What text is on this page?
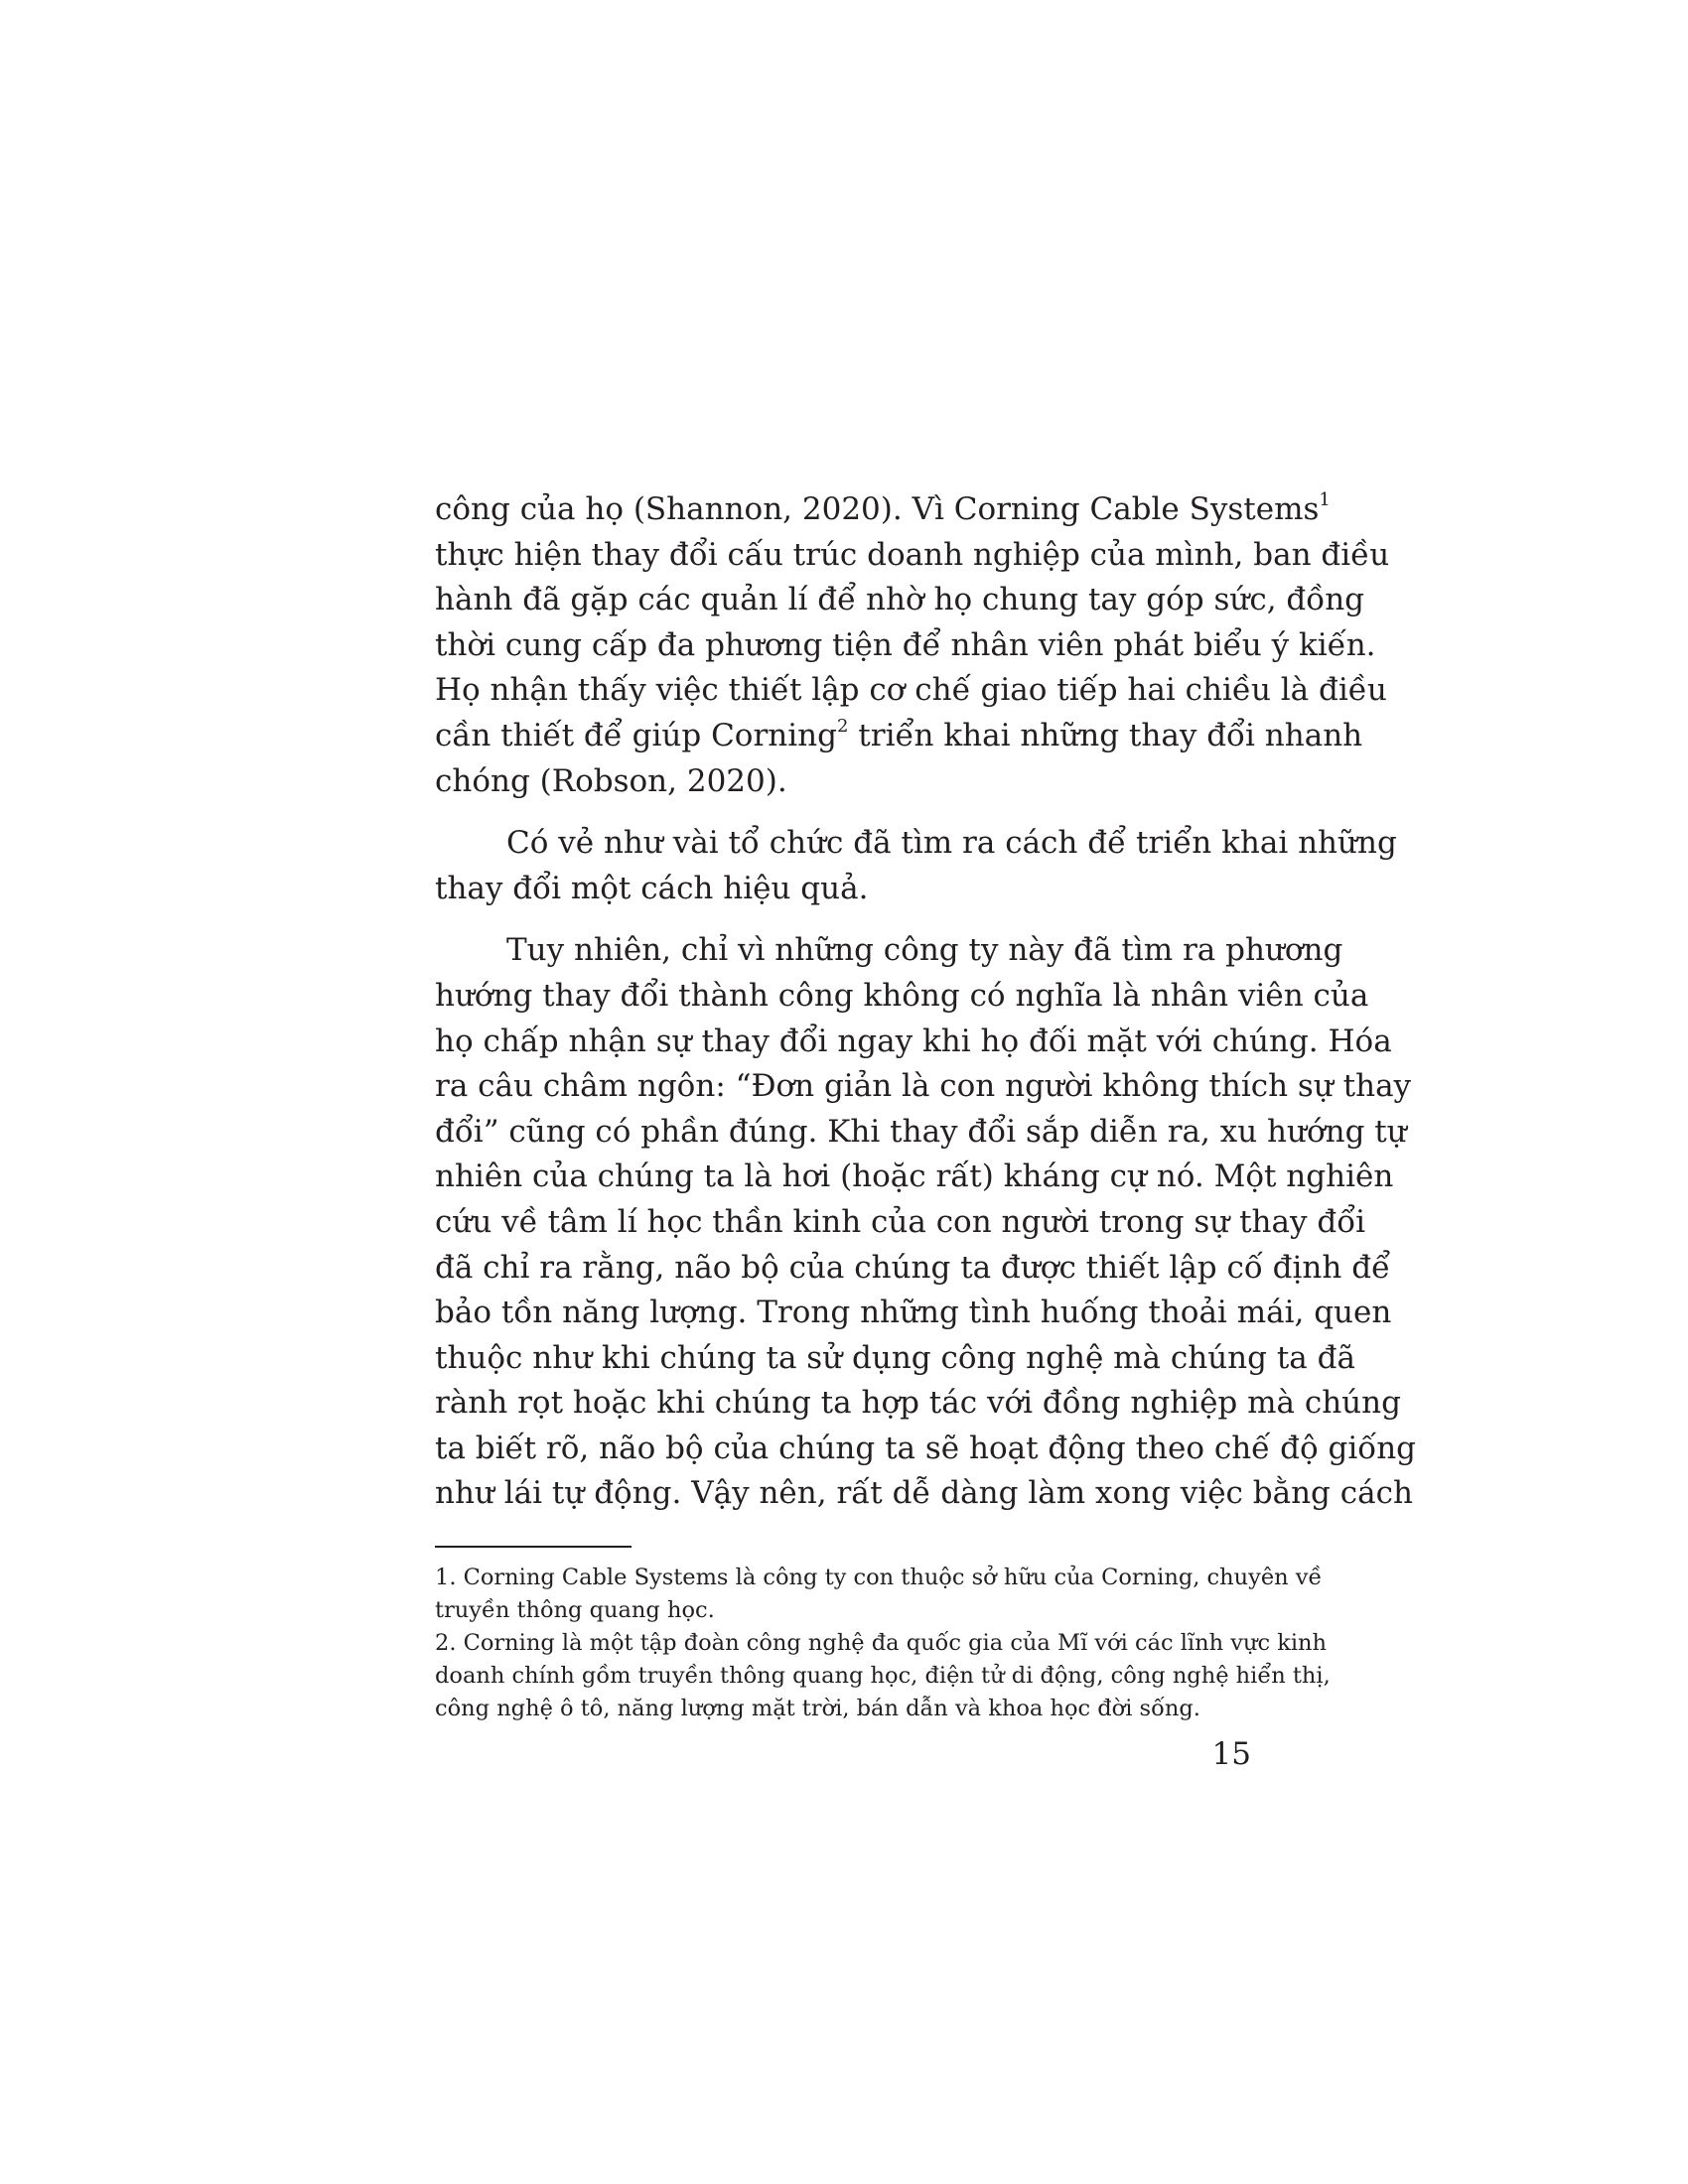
công của họ (Shannon, 2020). Vì Corning Cable Systems$^1$
thực hiện thay đổi cấu trúc doanh nghiệp của mình, ban điều
hành đã gặp các quản lí để nhờ họ chung tay góp sức, đồng
thời cung cấp đa phương tiện để nhân viên phát biểu ý kiến.
Họ nhận thấy việc thiết lập cơ chế giao tiếp hai chiều là điều
cần thiết để giúp Corning$^2$ triển khai những thay đổi nhanh
chóng (Robson, 2020).

Có vẻ như vài tổ chức đã tìm ra cách để triển khai những
thay đổi một cách hiệu quả.

Tuy nhiên, chỉ vì những công ty này đã tìm ra phương
hướng thay đổi thành công không có nghĩa là nhân viên của
họ chấp nhận sự thay đổi ngay khi họ đối mặt với chúng. Hóa
ra câu châm ngôn: “Đơn giản là con người không thích sự thay
đổi” cũng có phần đúng. Khi thay đổi sắp diễn ra, xu hướng tự
nhiên của chúng ta là hơi (hoặc rất) kháng cự nó. Một nghiên
cứu về tâm lí học thần kinh của con người trong sự thay đổi
đã chỉ ra rằng, não bộ của chúng ta được thiết lập cố định để
bảo tồn năng lượng. Trong những tình huống thoải mái, quen
thuộc như khi chúng ta sử dụng công nghệ mà chúng ta đã
rành rọt hoặc khi chúng ta hợp tác với đồng nghiệp mà chúng
ta biết rõ, não bộ của chúng ta sẽ hoạt động theo chế độ giống
như lái tự động. Vậy nên, rất dễ dàng làm xong việc bằng cách

1. Corning Cable Systems là công ty con thuộc sở hữu của Corning, chuyên về
truyền thông quang học.
2. Corning là một tập đoàn công nghệ đa quốc gia của Mĩ với các lĩnh vực kinh
doanh chính gồm truyền thông quang học, điện tử di động, công nghệ hiển thị,
công nghệ ô tô, năng lượng mặt trời, bán dẫn và khoa học đời sống.
15
